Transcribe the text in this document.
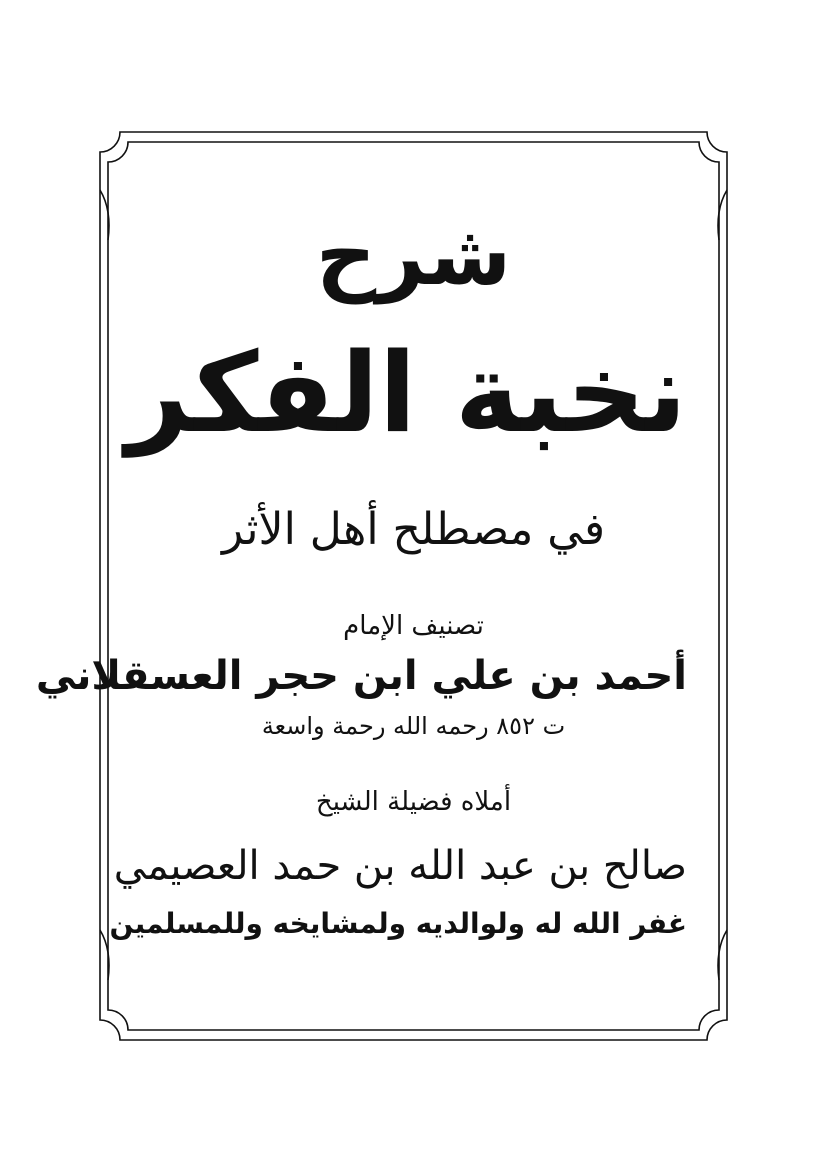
شرح
نخبة الفكر
في مصطلح أهل الأثر
تصنيف الإمام
أحمد بن علي ابن حجر العسقلاني
ت ٨٥٢ رحمه الله رحمة واسعة
أملاه فضيلة الشيخ
صالح بن عبد الله بن حمد العصيمي
غفر الله له ولوالديه ولمشايخه وللمسلمين
